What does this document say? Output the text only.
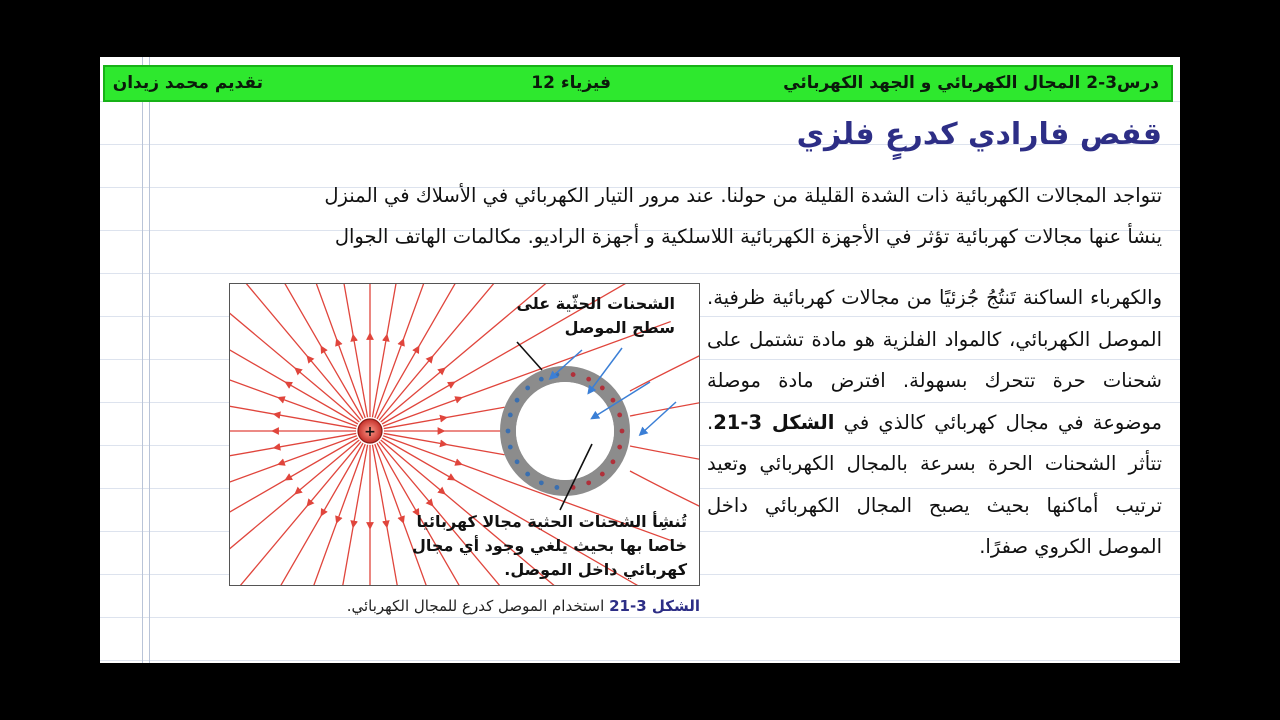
درس3-2 المجال الكهربائي و الجهد الكهربائي
فيزياء 12
تقديم محمد زيدان
قفص فارادي كدرعٍ فلزي
تتواجد المجالات الكهربائية ذات الشدة القليلة من حولنا. عند مرور التيار الكهربائي في الأسلاك في المنزل
ينشأ عنها مجالات كهربائية تؤثر في الأجهزة الكهربائية اللاسلكية و أجهزة الراديو. مكالمات الهاتف الجوال
والكهرباء الساكنة تَنتُجُ جُزئيًا من مجالات كهربائية ظرفية. الموصل الكهربائي، كالمواد الفلزية هو مادة تشتمل على شحنات حرة تتحرك بسهولة. افترض مادة موصلة موضوعة في مجال كهربائي كالذي في الشكل 3-21. تتأثر الشحنات الحرة بسرعة بالمجال الكهربائي وتعيد ترتيب أماكنها بحيث يصبح المجال الكهربائي داخل الموصل الكروي صفرًا.
+
الشحنات الحثّية على سطح الموصل
تُنشِأ الشحنات الحثية مجالا كهربائيا خاصا بها بحيث يلغي وجود أي مجال كهربائي داخل الموصل.
الشكل 3-21 استخدام الموصل كدرع للمجال الكهربائي.
